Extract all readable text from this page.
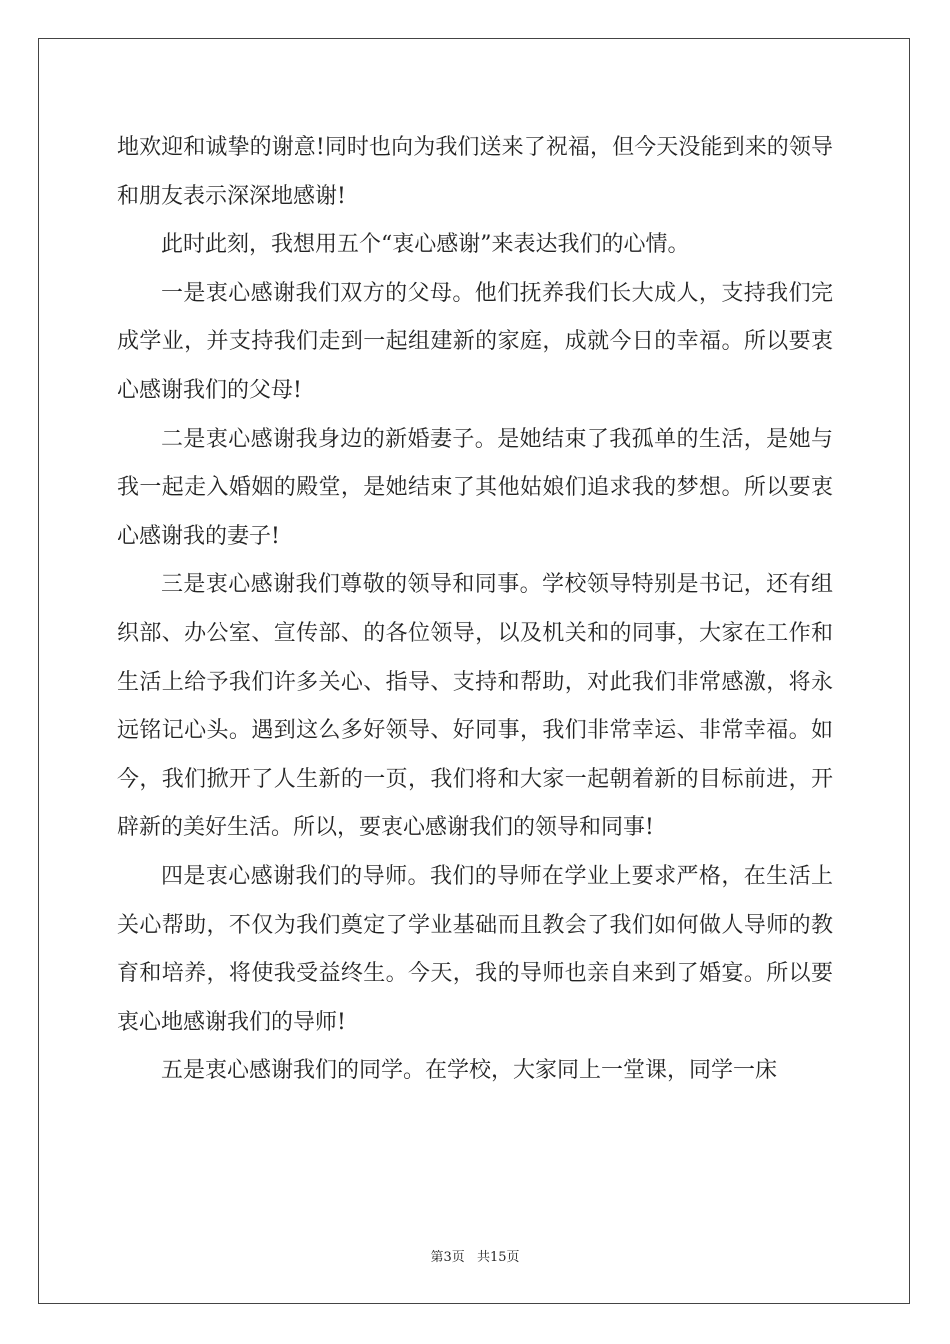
地欢迎和诚挚的谢意!同时也向为我们送来了祝福，但今天没能到来的领导和朋友表示深深地感谢!

此时此刻，我想用五个“衷心感谢”来表达我们的心情。

一是衷心感谢我们双方的父母。他们抚养我们长大成人，支持我们完成学业，并支持我们走到一起组建新的家庭，成就今日的幸福。所以要衷心感谢我们的父母!

二是衷心感谢我身边的新婚妻子。是她结束了我孤单的生活，是她与我一起走入婚姻的殿堂，是她结束了其他姑娘们追求我的梦想。所以要衷心感谢我的妻子!

三是衷心感谢我们尊敬的领导和同事。学校领导特别是书记，还有组织部、办公室、宣传部、的各位领导，以及机关和的同事，大家在工作和生活上给予我们许多关心、指导、支持和帮助，对此我们非常感激，将永远铭记心头。遇到这么多好领导、好同事，我们非常幸运、非常幸福。如今，我们掀开了人生新的一页，我们将和大家一起朝着新的目标前进，开辟新的美好生活。所以，要衷心感谢我们的领导和同事!

四是衷心感谢我们的导师。我们的导师在学业上要求严格，在生活上关心帮助，不仅为我们奠定了学业基础而且教会了我们如何做人导师的教育和培养，将使我受益终生。今天，我的导师也亲自来到了婚宴。所以要衷心地感谢我们的导师!

五是衷心感谢我们的同学。在学校，大家同上一堂课，同学一床

第3页 共15页
